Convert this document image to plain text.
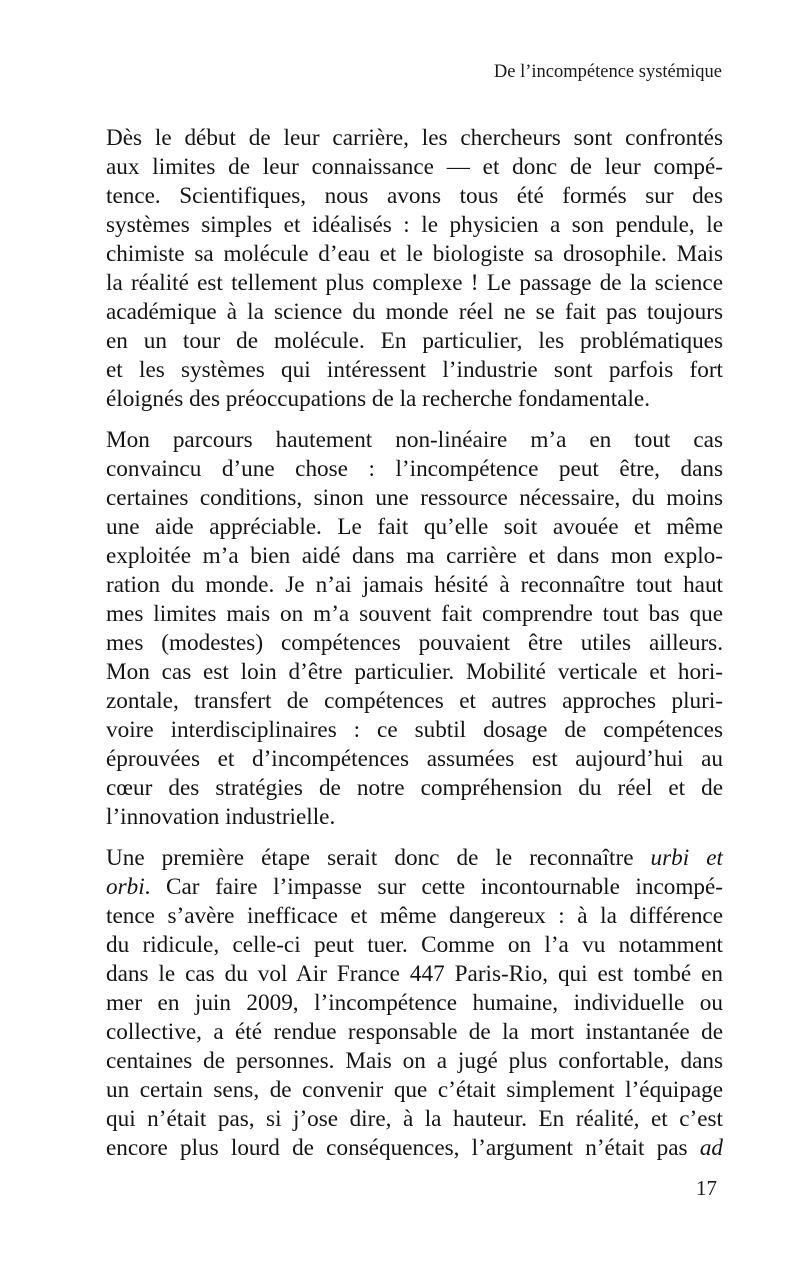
De l’incompétence systémique

Dès le début de leur carrière, les chercheurs sont confrontés
aux limites de leur connaissance — et donc de leur compé-
tence. Scientifiques, nous avons tous été formés sur des
systèmes simples et idéalisés : le physicien a son pendule, le
chimiste sa molécule d’eau et le biologiste sa drosophile. Mais
la réalité est tellement plus complexe ! Le passage de la science
académique à la science du monde réel ne se fait pas toujours
en un tour de molécule. En particulier, les problématiques
et les systèmes qui intéressent l’industrie sont parfois fort
éloignés des préoccupations de la recherche fondamentale.

Mon parcours hautement non-linéaire m’a en tout cas
convaincu d’une chose : l’incompétence peut être, dans
certaines conditions, sinon une ressource nécessaire, du moins
une aide appréciable. Le fait qu’elle soit avouée et même
exploitée m’a bien aidé dans ma carrière et dans mon explo-
ration du monde. Je n’ai jamais hésité à reconnaître tout haut
mes limites mais on m’a souvent fait comprendre tout bas que
mes (modestes) compétences pouvaient être utiles ailleurs.
Mon cas est loin d’être particulier. Mobilité verticale et hori-
zontale, transfert de compétences et autres approches pluri-
voire interdisciplinaires : ce subtil dosage de compétences
éprouvées et d’incompétences assumées est aujourd’hui au
cœur des stratégies de notre compréhension du réel et de
l’innovation industrielle.

Une première étape serait donc de le reconnaître urbi et
orbi. Car faire l’impasse sur cette incontournable incompé-
tence s’avère inefficace et même dangereux : à la différence
du ridicule, celle-ci peut tuer. Comme on l’a vu notamment
dans le cas du vol Air France 447 Paris-Rio, qui est tombé en
mer en juin 2009, l’incompétence humaine, individuelle ou
collective, a été rendue responsable de la mort instantanée de
centaines de personnes. Mais on a jugé plus confortable, dans
un certain sens, de convenir que c’était simplement l’équipage
qui n’était pas, si j’ose dire, à la hauteur. En réalité, et c’est
encore plus lourd de conséquences, l’argument n’était pas ad

17
